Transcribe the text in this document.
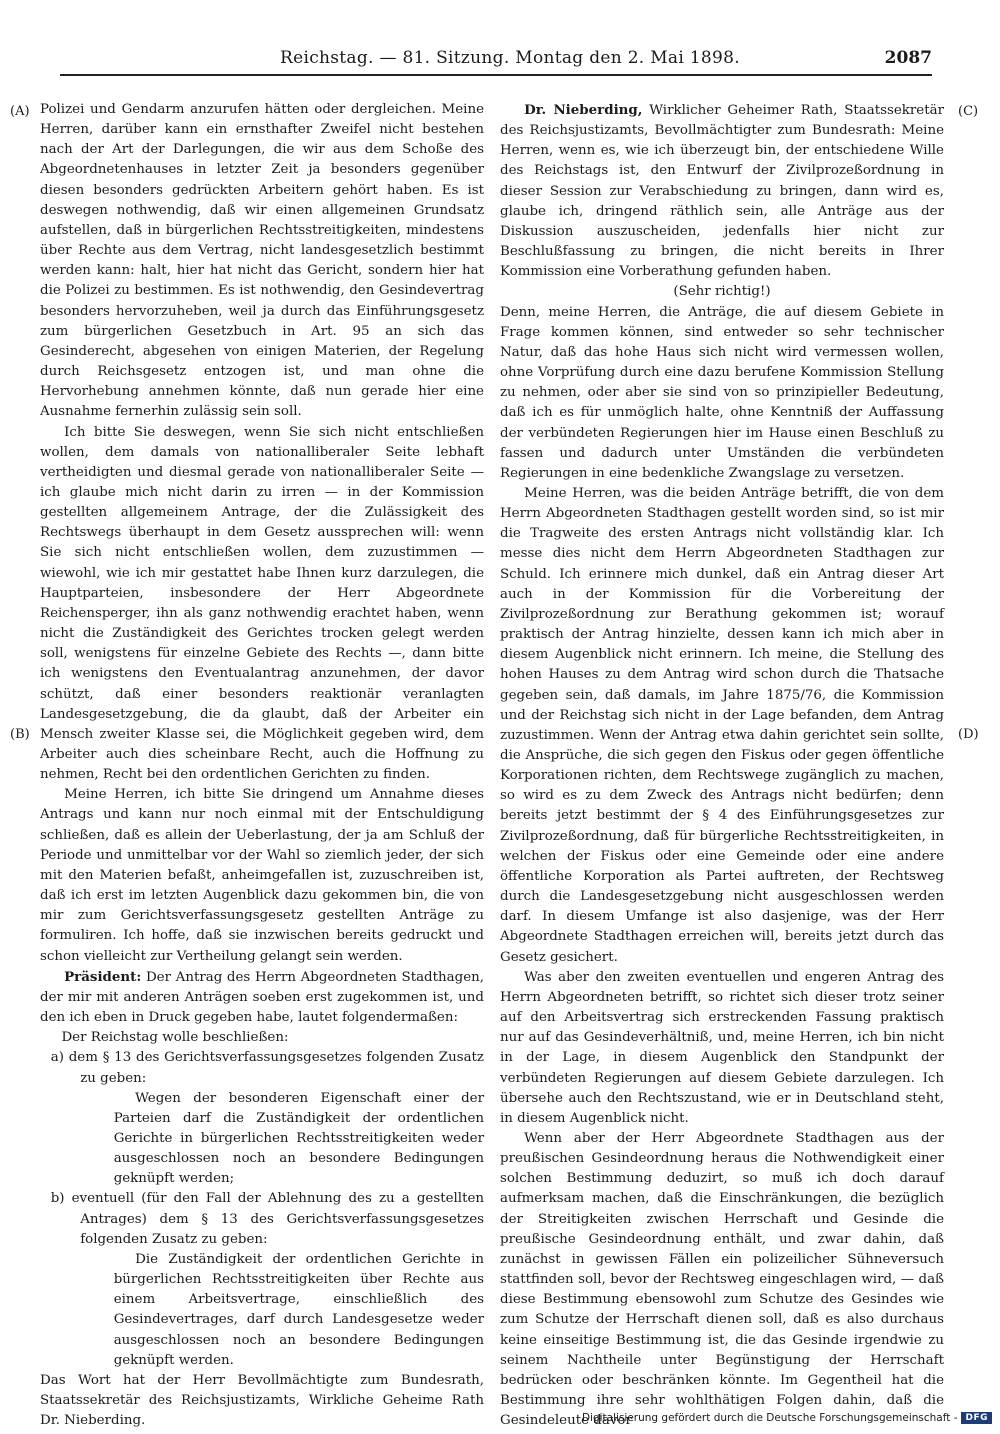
Reichstag. — 81. Sitzung. Montag den 2. Mai 1898.	2087
(A)
(B)
(C)
(D)

Polizei und Gendarm anzurufen hätten oder dergleichen. Meine Herren, darüber kann ein ernsthafter Zweifel nicht bestehen nach der Art der Darlegungen, die wir aus dem Schoße des Abgeordnetenhauses in letzter Zeit ja besonders gegenüber diesen besonders gedrückten Arbeitern gehört haben. Es ist deswegen nothwendig, daß wir einen allgemeinen Grundsatz aufstellen, daß in bürgerlichen Rechtsstreitigkeiten, mindestens über Rechte aus dem Vertrag, nicht landesgesetzlich bestimmt werden kann: halt, hier hat nicht das Gericht, sondern hier hat die Polizei zu bestimmen. Es ist nothwendig, den Gesindevertrag besonders hervorzuheben, weil ja durch das Einführungsgesetz zum bürgerlichen Gesetzbuch in Art. 95 an sich das Gesinderecht, abgesehen von einigen Materien, der Regelung durch Reichsgesetz entzogen ist, und man ohne die Hervorhebung annehmen könnte, daß nun gerade hier eine Ausnahme fernerhin zulässig sein soll.

Ich bitte Sie deswegen, wenn Sie sich nicht entschließen wollen, dem damals von nationalliberaler Seite lebhaft vertheidigten und diesmal gerade von nationalliberaler Seite — ich glaube mich nicht darin zu irren — in der Kommission gestellten allgemeinem Antrage, der die Zulässigkeit des Rechtswegs überhaupt in dem Gesetz aussprechen will: wenn Sie sich nicht entschließen wollen, dem zuzustimmen — wiewohl, wie ich mir gestattet habe Ihnen kurz darzulegen, die Hauptparteien, insbesondere der Herr Abgeordnete Reichensperger, ihn als ganz nothwendig erachtet haben, wenn nicht die Zuständigkeit des Gerichtes trocken gelegt werden soll, wenigstens für einzelne Gebiete des Rechts —, dann bitte ich wenigstens den Eventualantrag anzunehmen, der davor schützt, daß einer besonders reaktionär veranlagten Landesgesetzgebung, die da glaubt, daß der Arbeiter ein Mensch zweiter Klasse sei, die Möglichkeit gegeben wird, dem Arbeiter auch dies scheinbare Recht, auch die Hoffnung zu nehmen, Recht bei den ordentlichen Gerichten zu finden.

Meine Herren, ich bitte Sie dringend um Annahme dieses Antrags und kann nur noch einmal mit der Entschuldigung schließen, daß es allein der Ueberlastung, der ja am Schluß der Periode und unmittelbar vor der Wahl so ziemlich jeder, der sich mit den Materien befaßt, anheimgefallen ist, zuzuschreiben ist, daß ich erst im letzten Augenblick dazu gekommen bin, die von mir zum Gerichtsverfassungsgesetz gestellten Anträge zu formuliren. Ich hoffe, daß sie inzwischen bereits gedruckt und schon vielleicht zur Vertheilung gelangt sein werden.

Präsident: Der Antrag des Herrn Abgeordneten Stadthagen, der mir mit anderen Anträgen soeben erst zugekommen ist, und den ich eben in Druck gegeben habe, lautet folgendermaßen:

Der Reichstag wolle beschließen:

a) dem § 13 des Gerichtsverfassungsgesetzes folgenden Zusatz zu geben:

Wegen der besonderen Eigenschaft einer der Parteien darf die Zuständigkeit der ordentlichen Gerichte in bürgerlichen Rechtsstreitigkeiten weder ausgeschlossen noch an besondere Bedingungen geknüpft werden;

b) eventuell (für den Fall der Ablehnung des zu a gestellten Antrages) dem § 13 des Gerichtsverfassungsgesetzes folgenden Zusatz zu geben:

Die Zuständigkeit der ordentlichen Gerichte in bürgerlichen Rechtsstreitigkeiten über Rechte aus einem Arbeitsvertrage, einschließlich des Gesindevertrages, darf durch Landesgesetze weder ausgeschlossen noch an besondere Bedingungen geknüpft werden.

Das Wort hat der Herr Bevollmächtigte zum Bundesrath, Staatssekretär des Reichsjustizamts, Wirkliche Geheime Rath Dr. Nieberding.

Dr. Nieberding, Wirklicher Geheimer Rath, Staatssekretär des Reichsjustizamts, Bevollmächtigter zum Bundesrath: Meine Herren, wenn es, wie ich überzeugt bin, der entschiedene Wille des Reichstags ist, den Entwurf der Zivilprozeßordnung in dieser Session zur Verabschiedung zu bringen, dann wird es, glaube ich, dringend räthlich sein, alle Anträge aus der Diskussion auszuscheiden, jedenfalls hier nicht zur Beschlußfassung zu bringen, die nicht bereits in Ihrer Kommission eine Vorberathung gefunden haben.

(Sehr richtig!)

Denn, meine Herren, die Anträge, die auf diesem Gebiete in Frage kommen können, sind entweder so sehr technischer Natur, daß das hohe Haus sich nicht wird vermessen wollen, ohne Vorprüfung durch eine dazu berufene Kommission Stellung zu nehmen, oder aber sie sind von so prinzipieller Bedeutung, daß ich es für unmöglich halte, ohne Kenntniß der Auffassung der verbündeten Regierungen hier im Hause einen Beschluß zu fassen und dadurch unter Umständen die verbündeten Regierungen in eine bedenkliche Zwangslage zu versetzen.

Meine Herren, was die beiden Anträge betrifft, die von dem Herrn Abgeordneten Stadthagen gestellt worden sind, so ist mir die Tragweite des ersten Antrags nicht vollständig klar. Ich messe dies nicht dem Herrn Abgeordneten Stadthagen zur Schuld. Ich erinnere mich dunkel, daß ein Antrag dieser Art auch in der Kommission für die Vorbereitung der Zivilprozeßordnung zur Berathung gekommen ist; worauf praktisch der Antrag hinzielte, dessen kann ich mich aber in diesem Augenblick nicht erinnern. Ich meine, die Stellung des hohen Hauses zu dem Antrag wird schon durch die Thatsache gegeben sein, daß damals, im Jahre 1875/76, die Kommission und der Reichstag sich nicht in der Lage befanden, dem Antrag zuzustimmen. Wenn der Antrag etwa dahin gerichtet sein sollte, die Ansprüche, die sich gegen den Fiskus oder gegen öffentliche Korporationen richten, dem Rechtswege zugänglich zu machen, so wird es zu dem Zweck des Antrags nicht bedürfen; denn bereits jetzt bestimmt der § 4 des Einführungsgesetzes zur Zivilprozeßordnung, daß für bürgerliche Rechtsstreitigkeiten, in welchen der Fiskus oder eine Gemeinde oder eine andere öffentliche Korporation als Partei auftreten, der Rechtsweg durch die Landesgesetzgebung nicht ausgeschlossen werden darf. In diesem Umfange ist also dasjenige, was der Herr Abgeordnete Stadthagen erreichen will, bereits jetzt durch das Gesetz gesichert.

Was aber den zweiten eventuellen und engeren Antrag des Herrn Abgeordneten betrifft, so richtet sich dieser trotz seiner auf den Arbeitsvertrag sich erstreckenden Fassung praktisch nur auf das Gesindeverhältniß, und, meine Herren, ich bin nicht in der Lage, in diesem Augenblick den Standpunkt der verbündeten Regierungen auf diesem Gebiete darzulegen. Ich übersehe auch den Rechtszustand, wie er in Deutschland steht, in diesem Augenblick nicht.

Wenn aber der Herr Abgeordnete Stadthagen aus der preußischen Gesindeordnung heraus die Nothwendigkeit einer solchen Bestimmung deduzirt, so muß ich doch darauf aufmerksam machen, daß die Einschränkungen, die bezüglich der Streitigkeiten zwischen Herrschaft und Gesinde die preußische Gesindeordnung enthält, und zwar dahin, daß zunächst in gewissen Fällen ein polizeilicher Sühneversuch stattfinden soll, bevor der Rechtsweg eingeschlagen wird, — daß diese Bestimmung ebensowohl zum Schutze des Gesindes wie zum Schutze der Herrschaft dienen soll, daß es also durchaus keine einseitige Bestimmung ist, die das Gesinde irgendwie zu seinem Nachtheile unter Begünstigung der Herrschaft bedrücken oder beschränken könnte. Im Gegentheil hat die Bestimmung ihre sehr wohlthätigen Folgen dahin, daß die Gesindeleute davor

Digitalisierung gefördert durch die Deutsche Forschungsgemeinschaft - DFG
